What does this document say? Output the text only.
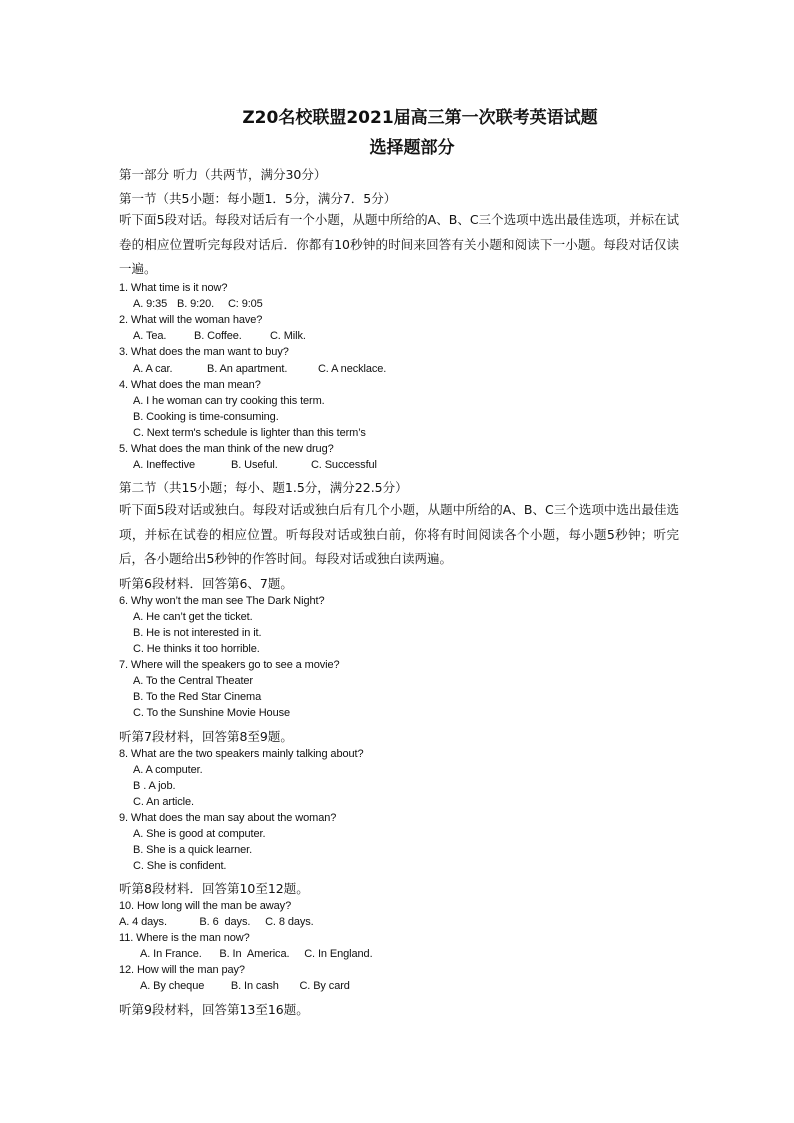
Z20名校联盟2021届高三第一次联考英语试题
选择题部分
第一部分 听力（共两节，满分30分）
第一节（共5小题：每小题1．5分，满分7．5分）
听下面5段对话。每段对话后有一个小题，从题中所给的A、B、C三个选项中选出最佳选项，并标在试卷的相应位置听完每段对话后．你都有10秒钟的时间来回答有关小题和阅读下一小题。每段对话仅读一遍。
1. What time is it now?
A. 9:35 B. 9:20. C: 9:05
2. What will the woman have?
A. Tea.	B. Coffee.	C. Milk.
3. What does the man want to buy?
A. A car.	B. An apartment.	C. A necklace.
4. What does the man mean?
A. I he woman can try cooking this term.
B. Cooking is time-consuming.
C. Next term's schedule is lighter than this term’s
5. What does the man think of the new drug?
A. Ineffective	B. Useful.	C. Successful
第二节（共15小题；每小、题1.5分，满分22.5分）
听下面5段对话或独白。每段对话或独白后有几个小题，从题中所给的A、B、C三个选项中选出最佳选项，并标在试卷的相应位置。听每段对话或独白前，你将有时间阅读各个小题，每小题5秒钟；听完后，各小题给出5秒钟的作答时间。每段对话或独白读两遍。
听第6段材料．回答第6、7题。
6. Why won’t the man see The Dark Night?
A. He can’t get the ticket.
B. He is not interested in it.
C. He thinks it too horrible.
7. Where will the speakers go to see a movie?
A. To the Central Theater
B. To the Red Star Cinema
C. To the Sunshine Movie House
听第7段材料，回答第8至9题。
8. What are the two speakers mainly talking about?
A. A computer.
B . A job.
C. An article.
9. What does the man say about the woman?
A. She is good at computer.
B. She is a quick learner.
C. She is confident.
听第8段材料．回答第10至12题。
10. How long will the man be away?
A. 4 days.           B. 6  days.     C. 8 days.
11. Where is the man now?
A. In France.      B. In  America.     C. In England.
12. How will the man pay?
A. By cheque         B. In cash       C. By card
听第9段材料，回答第13至16题。
